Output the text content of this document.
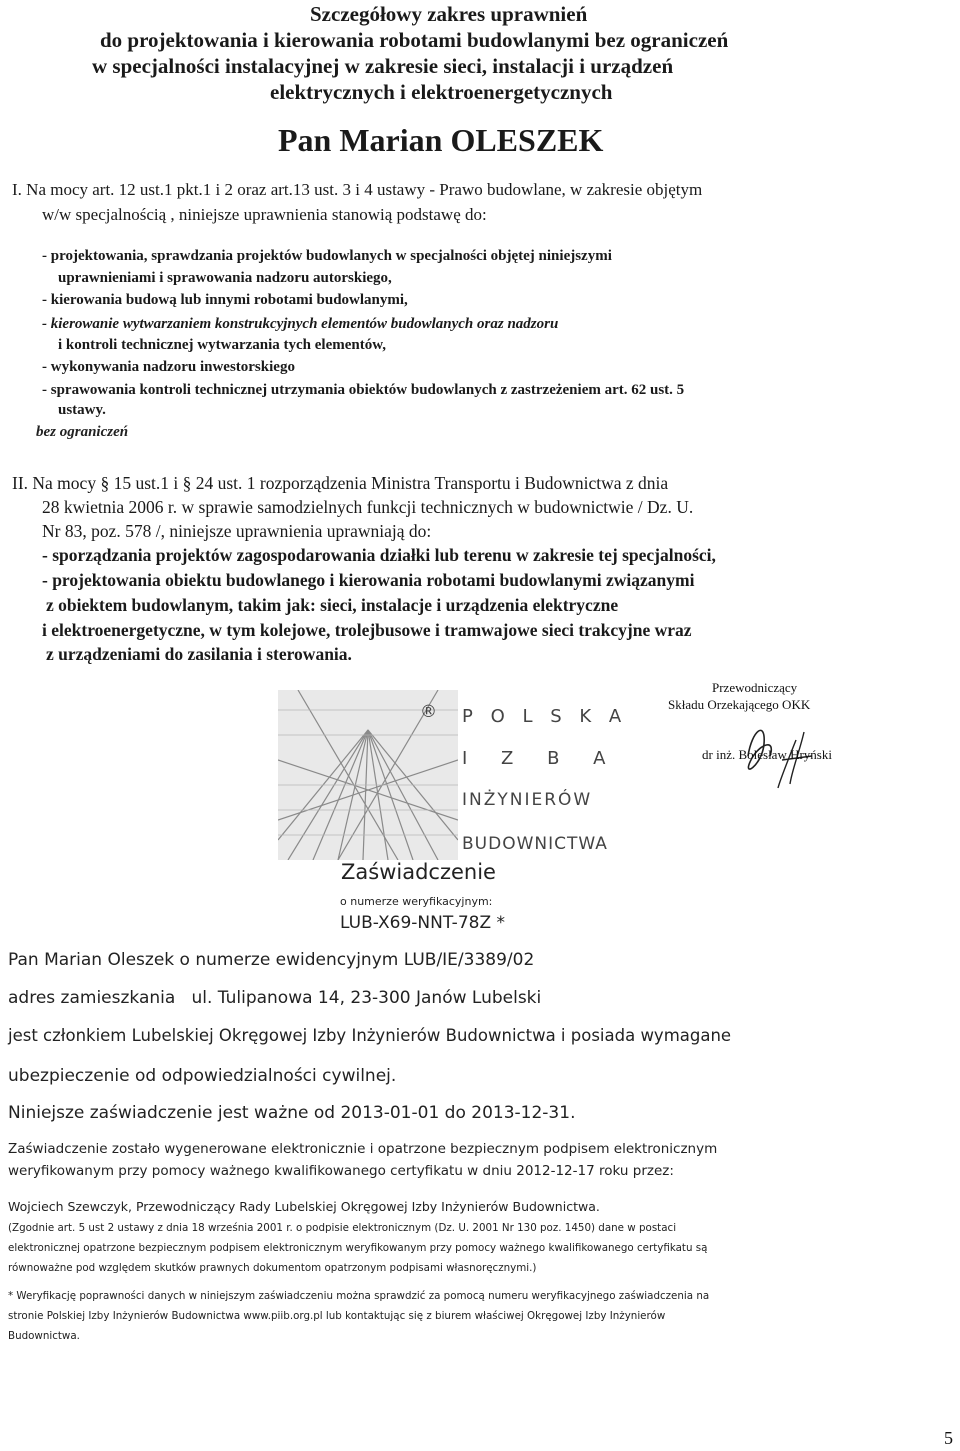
Szczegółowy zakres uprawnień
do projektowania i kierowania robotami budowlanymi bez ograniczeń
w specjalności instalacyjnej w zakresie sieci, instalacji i urządzeń
elektrycznych i elektroenergetycznych
Pan Marian OLESZEK
I. Na mocy art. 12 ust.1 pkt.1 i 2 oraz art.13 ust. 3 i 4 ustawy - Prawo budowlane, w zakresie objętym
w/w specjalnością , niniejsze uprawnienia stanowią podstawę do:
- projektowania, sprawdzania projektów budowlanych w specjalności objętej niniejszymi
uprawnieniami i sprawowania nadzoru autorskiego,
- kierowania budową lub innymi robotami budowlanymi,
- kierowanie wytwarzaniem konstrukcyjnych elementów budowlanych oraz nadzoru
i kontroli technicznej wytwarzania tych elementów,
- wykonywania nadzoru inwestorskiego
- sprawowania kontroli technicznej utrzymania obiektów budowlanych z zastrzeżeniem art. 62 ust. 5
ustawy.
bez ograniczeń
II. Na mocy § 15 ust.1 i § 24 ust. 1 rozporządzenia Ministra Transportu i Budownictwa z dnia
28 kwietnia 2006 r. w sprawie samodzielnych funkcji technicznych w budownictwie / Dz. U.
Nr 83, poz. 578 /, niniejsze uprawnienia uprawniają do:
- sporządzania projektów zagospodarowania działki lub terenu w zakresie tej specjalności,
- projektowania obiektu budowlanego i kierowania robotami budowlanymi związanymi
z obiektem budowlanym, takim jak: sieci, instalacje i urządzenia elektryczne
i elektroenergetyczne, w tym kolejowe, trolejbusowe i tramwajowe sieci trakcyjne wraz
z urządzeniami do zasilania i sterowania.
Przewodniczący
Składu Orzekającego OKK
dr inż. Bolesław Hryński
® P O L S K A
I Z B A
INŻYNIERÓW
BUDOWNICTWA
Zaświadczenie
o numerze weryfikacyjnym:
LUB-X69-NNT-78Z *
Pan Marian Oleszek o numerze ewidencyjnym LUB/IE/3389/02
adres zamieszkania   ul. Tulipanowa 14, 23-300 Janów Lubelski
jest członkiem Lubelskiej Okręgowej Izby Inżynierów Budownictwa i posiada wymagane
ubezpieczenie od odpowiedzialności cywilnej.
Niniejsze zaświadczenie jest ważne od 2013-01-01 do 2013-12-31.
Zaświadczenie zostało wygenerowane elektronicznie i opatrzone bezpiecznym podpisem elektronicznym
weryfikowanym przy pomocy ważnego kwalifikowanego certyfikatu w dniu 2012-12-17 roku przez:
Wojciech Szewczyk, Przewodniczący Rady Lubelskiej Okręgowej Izby Inżynierów Budownictwa.
(Zgodnie art. 5 ust 2 ustawy z dnia 18 września 2001 r. o podpisie elektronicznym (Dz. U. 2001 Nr 130 poz. 1450) dane w postaci
elektronicznej opatrzone bezpiecznym podpisem elektronicznym weryfikowanym przy pomocy ważnego kwalifikowanego certyfikatu są
równoważne pod względem skutków prawnych dokumentom opatrzonym podpisami własnoręcznymi.)
* Weryfikację poprawności danych w niniejszym zaświadczeniu można sprawdzić za pomocą numeru weryfikacyjnego zaświadczenia na
stronie Polskiej Izby Inżynierów Budownictwa www.piib.org.pl lub kontaktując się z biurem właściwej Okręgowej Izby Inżynierów
Budownictwa.
5
